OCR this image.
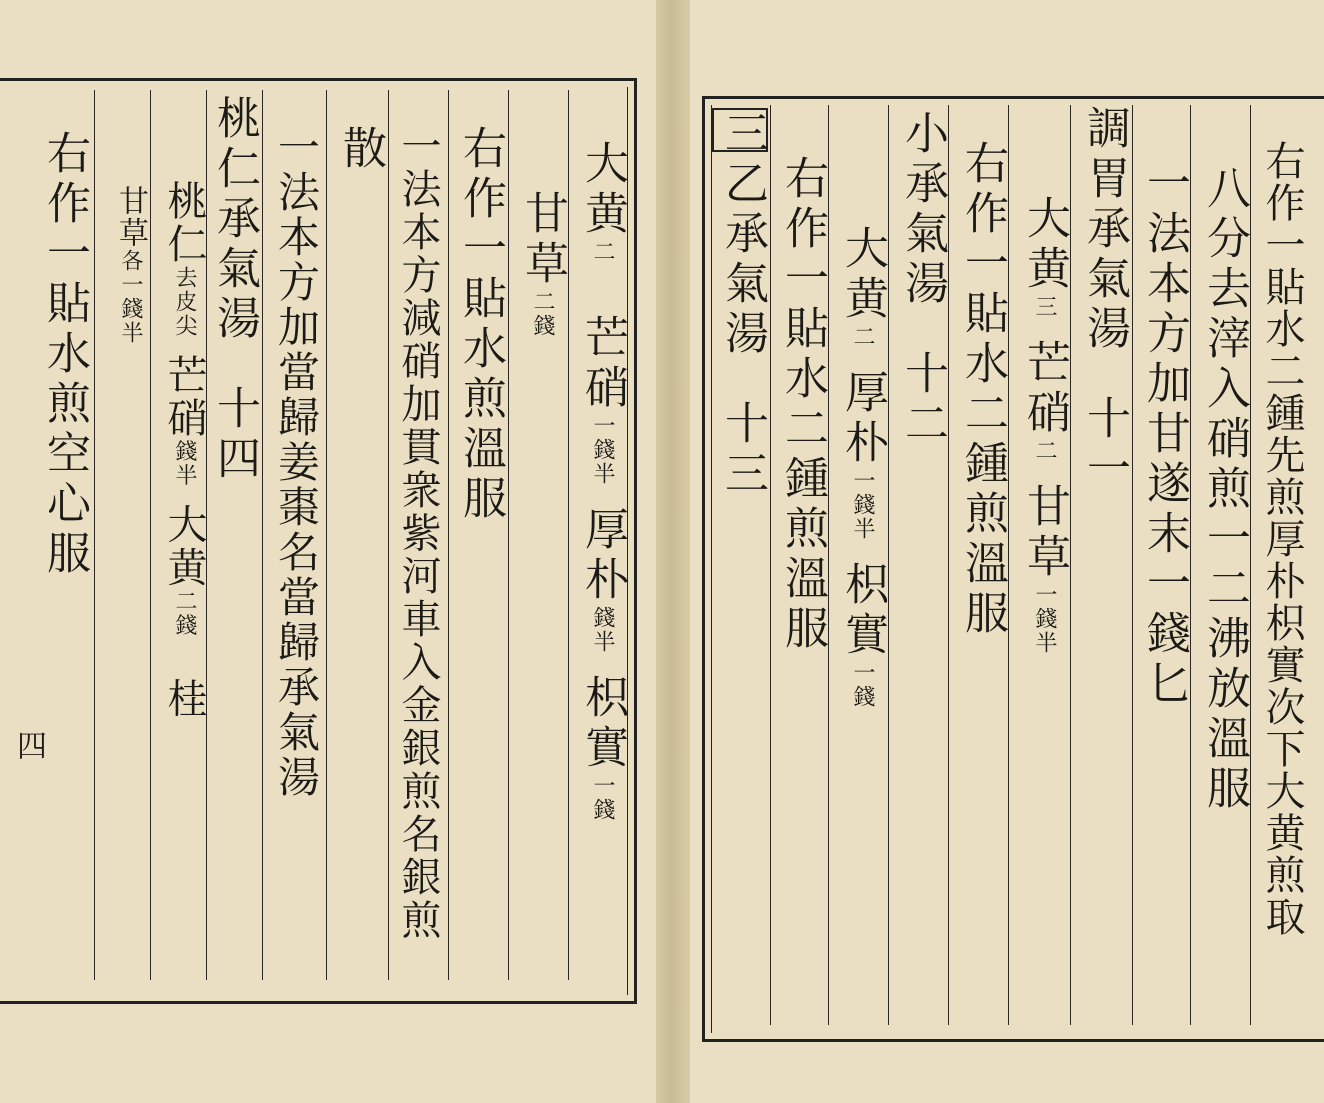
大黄二  芒硝一錢半 厚朴錢半 枳實一錢
甘草二錢
右作一貼水煎溫服
一法本方減硝加貫衆紫河車入金銀煎名銀煎
散
一法本方加當歸姜棗名當歸承氣湯
桃仁承氣湯十四
桃仁去皮尖 芒硝錢半 大黄二錢 桂
甘草各一錢半
右作一貼水煎空心服
四	右作一貼水二鍾先煎厚朴枳實次下大黄煎取
八分去滓入硝煎一二沸放溫服
一法本方加甘遂末一錢匕
調胃承氣湯十一
大黄三 芒硝二 甘草一錢半
右作一貼水二鍾煎溫服
小承氣湯十二
大黄二 厚朴一錢半 枳實一錢
右作一貼水二鍾煎溫服
三乙承氣湯十三
